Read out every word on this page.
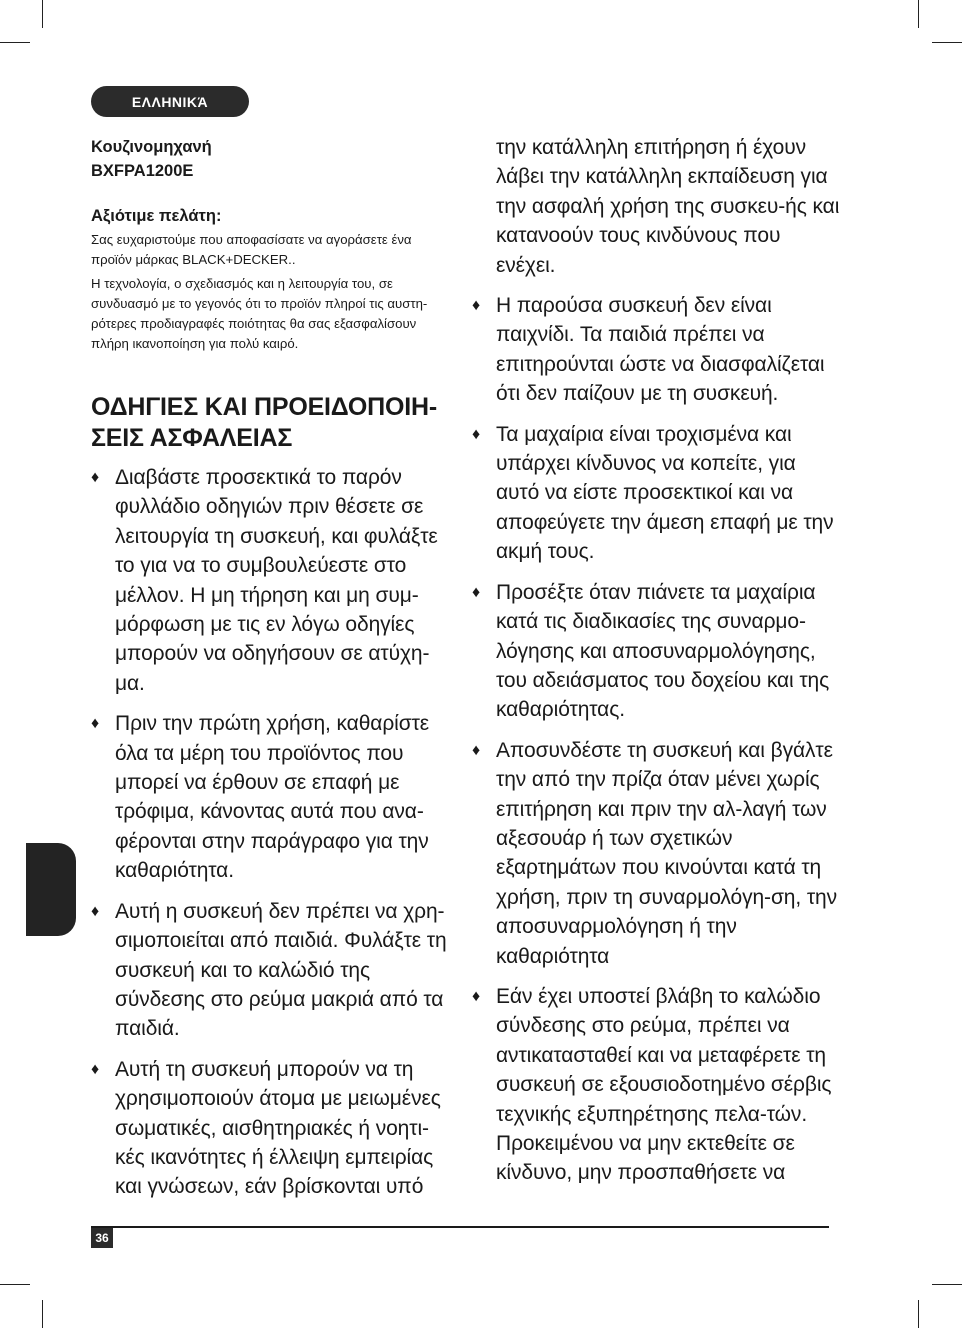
ΕΛΛΗΝΙΚΆ
Κουζινομηχανή
BXFPA1200E
Αξιότιμε πελάτη:

Σας ευχαριστούμε που αποφασίσατε να αγοράσετε ένα προϊόν μάρκας BLACK+DECKER..

Η τεχνολογία, ο σχεδιασμός και η λειτουργία του, σε συνδυασμό με το γεγονός ότι το προϊόν πληροί τις αυστη-ρότερες προδιαγραφές ποιότητας θα σας εξασφαλίσουν πλήρη ικανοποίηση για πολύ καιρό.

ΟΔΗΓΙΕΣ ΚΑΙ ΠΡΟΕΙΔΟΠΟΙΗ-ΣΕΙΣ ΑΣΦΑΛΕΙΑΣ
♦ Διαβάστε προσεκτικά το παρόν φυλλάδιο οδηγιών πριν θέσετε σε λειτουργία τη συσκευή, και φυλάξτε το για να το συμβουλεύεστε στο μέλλον. Η μη τήρηση και μη συμ-μόρφωση με τις εν λόγω οδηγίες μπορούν να οδηγήσουν σε ατύχη-μα.
♦ Πριν την πρώτη χρήση, καθαρίστε όλα τα μέρη του προϊόντος που μπορεί να έρθουν σε επαφή με τρόφιμα, κάνοντας αυτά που ανα-φέρονται στην παράγραφο για την καθαριότητα.
♦ Αυτή η συσκευή δεν πρέπει να χρη-σιμοποιείται από παιδιά. Φυλάξτε τη συσκευή και το καλώδιό της σύνδεσης στο ρεύμα μακριά από τα παιδιά.
♦ Αυτή τη συσκευή μπορούν να τη χρησιμοποιούν άτομα με μειωμένες σωματικές, αισθητηριακές ή νοητι-κές ικανότητες ή έλλειψη εμπειρίας και γνώσεων, εάν βρίσκονται υπό
την κατάλληλη επιτήρηση ή έχουν λάβει την κατάλληλη εκπαίδευση για την ασφαλή χρήση της συσκευ-ής και κατανοούν τους κινδύνους που ενέχει.
♦ Η παρούσα συσκευή δεν είναι παιχνίδι. Τα παιδιά πρέπει να επιτηρούνται ώστε να διασφαλίζεται ότι δεν παίζουν με τη συσκευή.
♦ Τα μαχαίρια είναι τροχισμένα και υπάρχει κίνδυνος να κοπείτε, για αυτό να είστε προσεκτικοί και να αποφεύγετε την άμεση επαφή με την ακμή τους.
♦ Προσέξτε όταν πιάνετε τα μαχαίρια κατά τις διαδικασίες της συναρμο-λόγησης και αποσυναρμολόγησης, του αδειάσματος του δοχείου και της καθαριότητας.
♦ Αποσυνδέστε τη συσκευή και βγάλτε την από την πρίζα όταν μένει χωρίς επιτήρηση και πριν την αλ-λαγή των αξεσουάρ ή των σχετικών εξαρτημάτων που κινούνται κατά τη χρήση, πριν τη συναρμολόγη-ση, την αποσυναρμολόγηση ή την καθαριότητα
♦ Εάν έχει υποστεί βλάβη το καλώδιο σύνδεσης στο ρεύμα, πρέπει να αντικατασταθεί και να μεταφέρετε τη συσκευή σε εξουσιοδοτημένο σέρβις τεχνικής εξυπηρέτησης πελα-τών. Προκειμένου να μην εκτεθείτε σε κίνδυνο, μην προσπαθήσετε να
36
